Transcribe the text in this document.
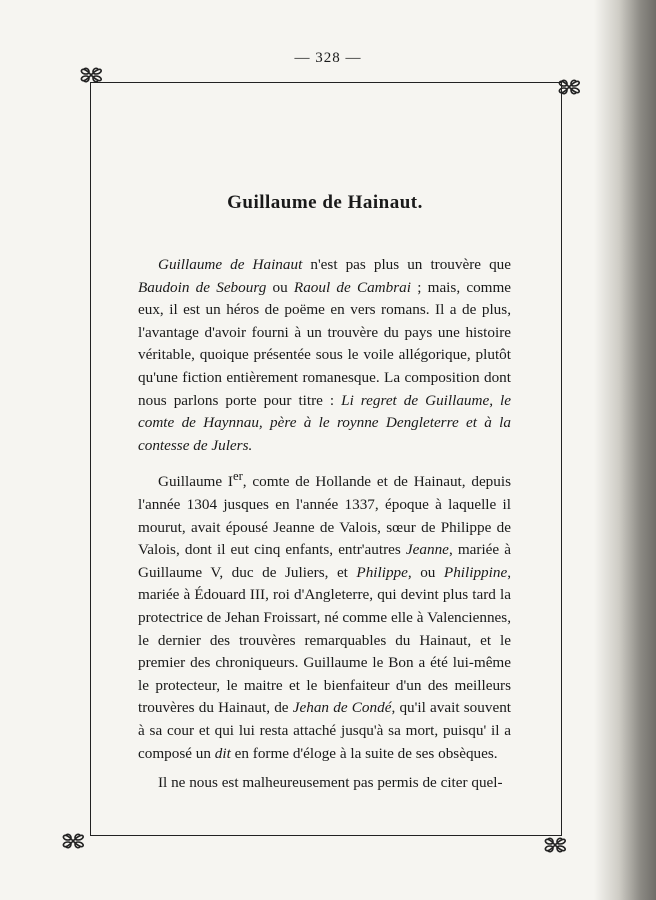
— 328 —
Guillaume de Hainaut.

Guillaume de Hainaut n'est pas plus un trouvère que Baudoin de Sebourg ou Raoul de Cambrai ; mais, comme eux, il est un héros de poëme en vers romans. Il a de plus, l'avantage d'avoir fourni à un trouvère du pays une histoire véritable, quoique présentée sous le voile allégorique, plutôt qu'une fiction entièrement romanesque. La composition dont nous parlons porte pour titre : Li regret de Guillaume, le comte de Haynnau, père à le roynne Dengleterre et à la contesse de Julers.

Guillaume Ier, comte de Hollande et de Hainaut, depuis l'année 1304 jusques en l'année 1337, époque à laquelle il mourut, avait épousé Jeanne de Valois, sœur de Philippe de Valois, dont il eut cinq enfants, entr'autres Jeanne, mariée à Guillaume V, duc de Juliers, et Philippe, ou Philippine, mariée à Édouard III, roi d'Angleterre, qui devint plus tard la protectrice de Jehan Froissart, né comme elle à Valenciennes, le dernier des trouvères remarquables du Hainaut, et le premier des chroniqueurs. Guillaume le Bon a été lui-même le protecteur, le maitre et le bienfaiteur d'un des meilleurs trouvères du Hainaut, de Jehan de Condé, qu'il avait souvent à sa cour et qui lui resta attaché jusqu'à sa mort, puisqu' il a composé un dit en forme d'éloge à la suite de ses obsèques.

Il ne nous est malheureusement pas permis de citer quel-
